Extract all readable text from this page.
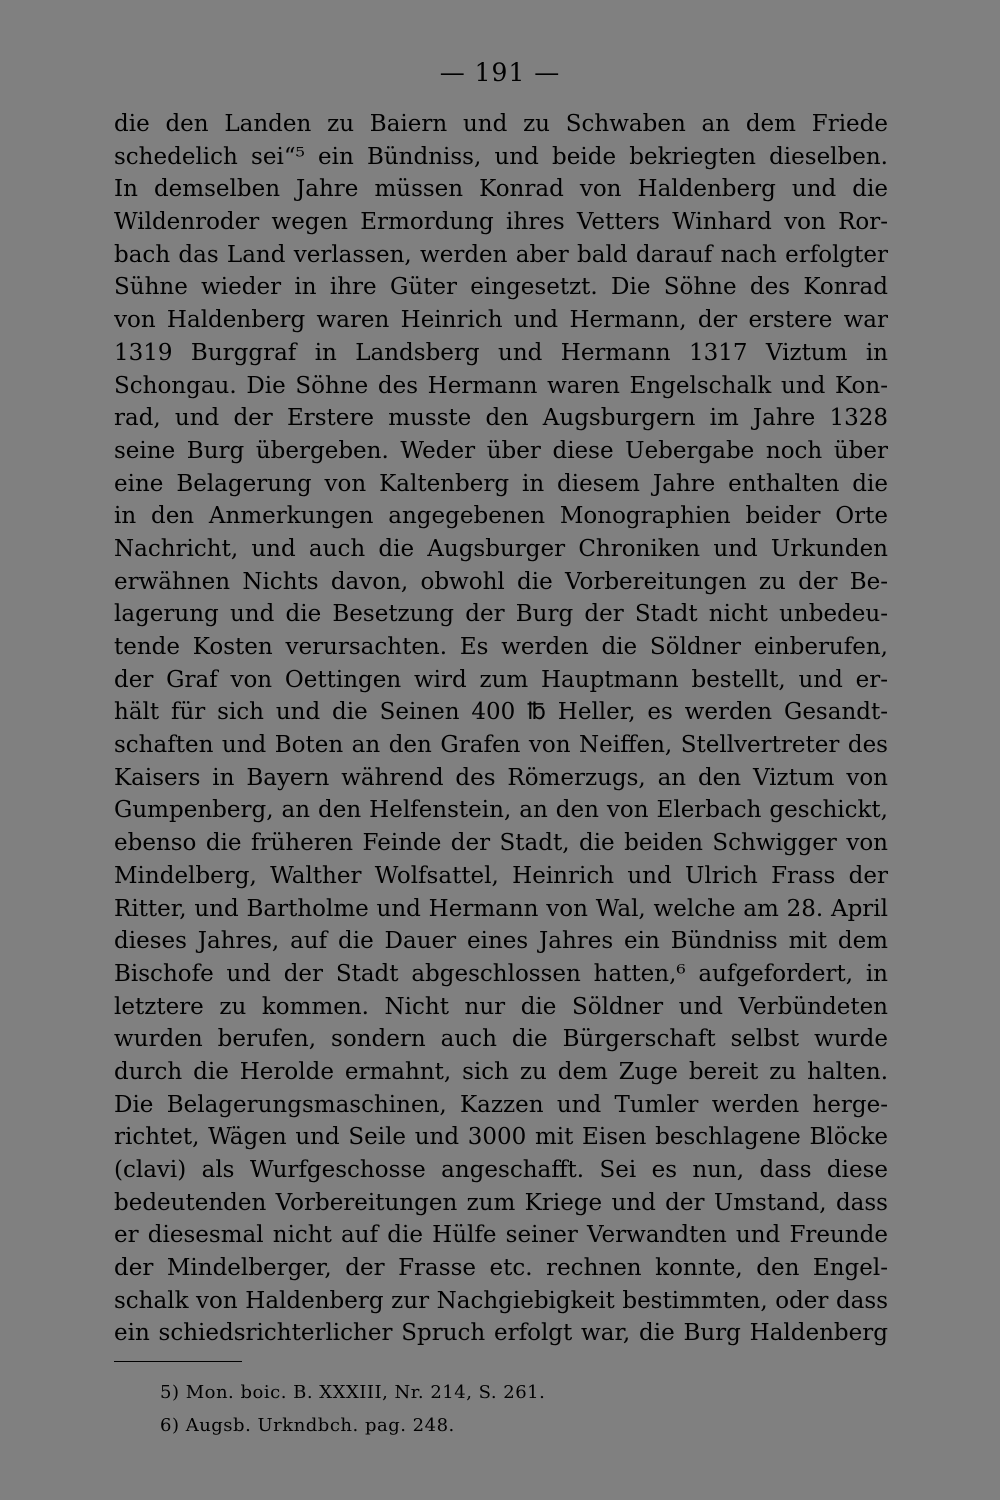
— 191 —
die den Landen zu Baiern und zu Schwaben an dem Friede
schedelich sei“⁵ ein Bündniss, und beide bekriegten dieselben.
In demselben Jahre müssen Konrad von Haldenberg und die
Wildenroder wegen Ermordung ihres Vetters Winhard von Ror-
bach das Land verlassen, werden aber bald darauf nach erfolgter
Sühne wieder in ihre Güter eingesetzt. Die Söhne des Konrad
von Haldenberg waren Heinrich und Hermann, der erstere war
1319 Burggraf in Landsberg und Hermann 1317 Viztum in
Schongau. Die Söhne des Hermann waren Engelschalk und Kon-
rad, und der Erstere musste den Augsburgern im Jahre 1328
seine Burg übergeben. Weder über diese Uebergabe noch über
eine Belagerung von Kaltenberg in diesem Jahre enthalten die
in den Anmerkungen angegebenen Monographien beider Orte
Nachricht, und auch die Augsburger Chroniken und Urkunden
erwähnen Nichts davon, obwohl die Vorbereitungen zu der Be-
lagerung und die Besetzung der Burg der Stadt nicht unbedeu-
tende Kosten verursachten. Es werden die Söldner einberufen,
der Graf von Oettingen wird zum Hauptmann bestellt, und er-
hält für sich und die Seinen 400 ℔ Heller, es werden Gesandt-
schaften und Boten an den Grafen von Neiffen, Stellvertreter des
Kaisers in Bayern während des Römerzugs, an den Viztum von
Gumpenberg, an den Helfenstein, an den von Elerbach geschickt,
ebenso die früheren Feinde der Stadt, die beiden Schwigger von
Mindelberg, Walther Wolfsattel, Heinrich und Ulrich Frass der
Ritter, und Bartholme und Hermann von Wal, welche am 28. April
dieses Jahres, auf die Dauer eines Jahres ein Bündniss mit dem
Bischofe und der Stadt abgeschlossen hatten,⁶ aufgefordert, in
letztere zu kommen. Nicht nur die Söldner und Verbündeten
wurden berufen, sondern auch die Bürgerschaft selbst wurde
durch die Herolde ermahnt, sich zu dem Zuge bereit zu halten.
Die Belagerungsmaschinen, Kazzen und Tumler werden herge-
richtet, Wägen und Seile und 3000 mit Eisen beschlagene Blöcke
(clavi) als Wurfgeschosse angeschafft. Sei es nun, dass diese
bedeutenden Vorbereitungen zum Kriege und der Umstand, dass
er diesesmal nicht auf die Hülfe seiner Verwandten und Freunde
der Mindelberger, der Frasse etc. rechnen konnte, den Engel-
schalk von Haldenberg zur Nachgiebigkeit bestimmten, oder dass
ein schiedsrichterlicher Spruch erfolgt war, die Burg Haldenberg
5) Mon. boic. B. XXXIII, Nr. 214, S. 261.
6) Augsb. Urkndbch. pag. 248.
